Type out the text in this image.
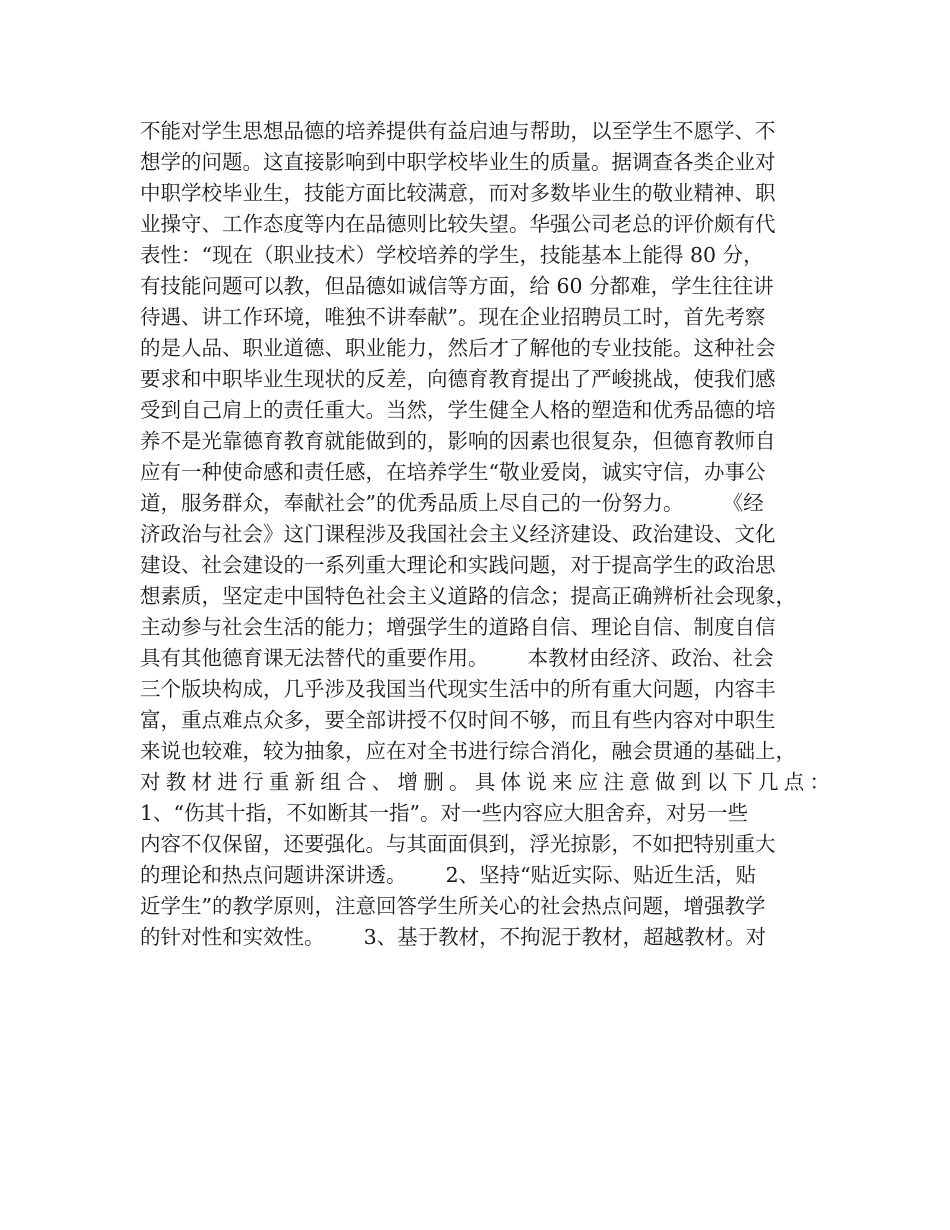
不能对学生思想品德的培养提供有益启迪与帮助，以至学生不愿学、不
想学的问题。这直接影响到中职学校毕业生的质量。据调查各类企业对
中职学校毕业生，技能方面比较满意，而对多数毕业生的敬业精神、职
业操守、工作态度等内在品德则比较失望。华强公司老总的评价颇有代
表性：“现在（职业技术）学校培养的学生，技能基本上能得 80 分，
有技能问题可以教，但品德如诚信等方面，给 60 分都难，学生往往讲
待遇、讲工作环境，唯独不讲奉献”。现在企业招聘员工时，首先考察
的是人品、职业道德、职业能力，然后才了解他的专业技能。这种社会
要求和中职毕业生现状的反差，向德育教育提出了严峻挑战，使我们感
受到自己肩上的责任重大。当然，学生健全人格的塑造和优秀品德的培
养不是光靠德育教育就能做到的，影响的因素也很复杂，但德育教师自
应有一种使命感和责任感，在培养学生“敬业爱岗，诚实守信，办事公
道，服务群众，奉献社会”的优秀品质上尽自己的一份努力。      《经
济政治与社会》这门课程涉及我国社会主义经济建设、政治建设、文化
建设、社会建设的一系列重大理论和实践问题，对于提高学生的政治思
想素质，坚定走中国特色社会主义道路的信念；提高正确辨析社会现象，
主动参与社会生活的能力；增强学生的道路自信、理论自信、制度自信
具有其他德育课无法替代的重要作用。      本教材由经济、政治、社会
三个版块构成，几乎涉及我国当代现实生活中的所有重大问题，内容丰
富，重点难点众多，要全部讲授不仅时间不够，而且有些内容对中职生
来说也较难，较为抽象，应在对全书进行综合消化，融会贯通的基础上，
对教材进行重新组合、增删。具体说来应注意做到以下几点：
1、“伤其十指，不如断其一指”。对一些内容应大胆舍弃，对另一些
内容不仅保留，还要强化。与其面面俱到，浮光掠影，不如把特别重大
的理论和热点问题讲深讲透。      2、坚持“贴近实际、贴近生活，贴
近学生”的教学原则，注意回答学生所关心的社会热点问题，增强教学
的针对性和实效性。      3、基于教材，不拘泥于教材，超越教材。对
